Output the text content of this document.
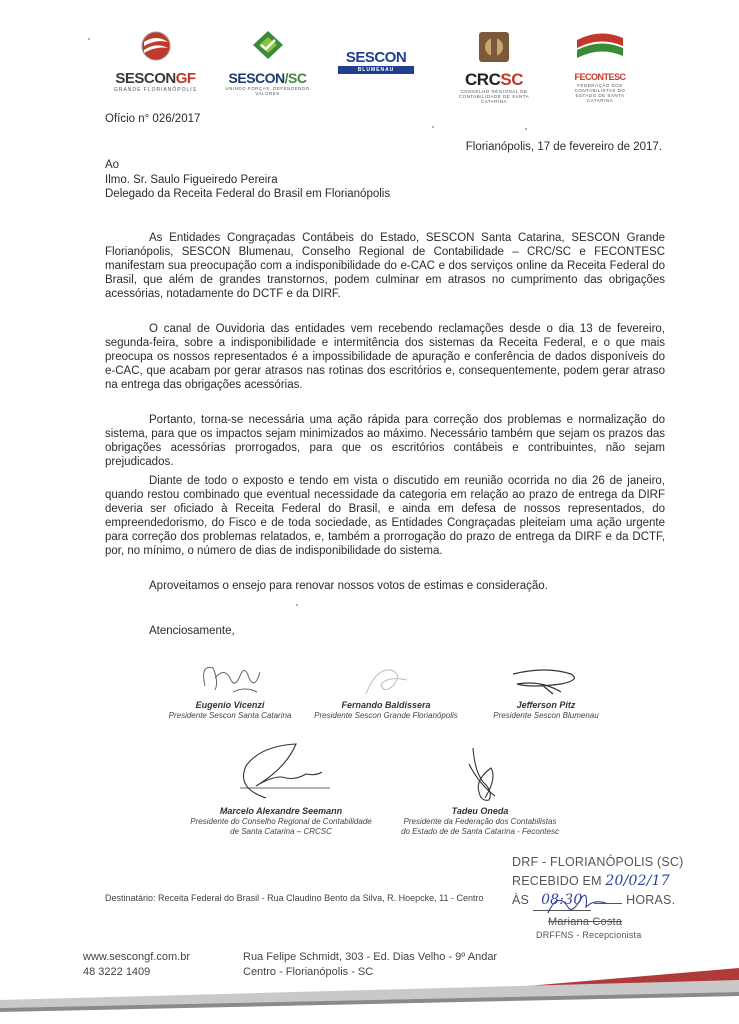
SESCONGF
GRANDE FLORIANÓPOLIS
SESCON/SC
UNINDO FORÇAS, DEFENDENDO VALORES
SESCON
BLUMENAU	CRCSC
CONSELHO REGIONAL DE CONTABILIDADE DE SANTA CATARINA
FECONTESC
FEDERAÇÃO DOS CONTABILISTAS DO ESTADO DE SANTA CATARINA
Ofício n° 026/2017
Florianópolis, 17 de fevereiro de 2017.
Ao
Ilmo. Sr. Saulo Figueiredo Pereira
Delegado da Receita Federal do Brasil em Florianópolis
As Entidades Congraçadas Contábeis do Estado, SESCON Santa Catarina, SESCON Grande Florianópolis, SESCON Blumenau, Conselho Regional de Contabilidade – CRC/SC e FECONTESC manifestam sua preocupação com a indisponibilidade do e-CAC e dos serviços online da Receita Federal do Brasil, que além de grandes transtornos, podem culminar em atrasos no cumprimento das obrigações acessórias, notadamente do DCTF e da DIRF.
O canal de Ouvidoria das entidades vem recebendo reclamações desde o dia 13 de fevereiro, segunda-feira, sobre a indisponibilidade e intermitência dos sistemas da Receita Federal, e o que mais preocupa os nossos representados é a impossibilidade de apuração e conferência de dados disponíveis do e-CAC, que acabam por gerar atrasos nas rotinas dos escritórios e, consequentemente, podem gerar atraso na entrega das obrigações acessórias.
Portanto, torna-se necessária uma ação rápida para correção dos problemas e normalização do sistema, para que os impactos sejam minimizados ao máximo. Necessário também que sejam os prazos das obrigações acessórias prorrogados, para que os escritórios contábeis e contribuintes, não sejam prejudicados.
Diante de todo o exposto e tendo em vista o discutido em reunião ocorrida no dia 26 de janeiro, quando restou combinado que eventual necessidade da categoria em relação ao prazo de entrega da DIRF deveria ser oficiado à Receita Federal do Brasil, e ainda em defesa de nossos representados, do empreendedorismo, do Fisco e de toda sociedade, as Entidades Congraçadas pleiteiam uma ação urgente para correção dos problemas relatados, e, também a prorrogação do prazo de entrega da DIRF e da DCTF, por, no mínimo, o número de dias de indisponibilidade do sistema.
Aproveitamos o ensejo para renovar nossos votos de estimas e consideração.
Atenciosamente,
Eugenio Vicenzi
Presidente Sescon Santa Catarina
Fernando Baldissera
Presidente Sescon Grande Florianópolis
Jefferson Pitz
Presidente Sescon Blumenau
Marcelo Alexandre Seemann
Presidente do Conselho Regional de Contabilidade
de Santa Catarina – CRCSC
Tadeu Oneda
Presidente da Federação dos Contabilistas
do Estado de de Santa Catarina - Fecontesc
DRF - FLORIANÓPOLIS (SC)
RECEBIDO EM 20/02/17
ÀS 08:30	HORAS.
Mariana Costa
DRFFNS - Recepcionista
Destinatário: Receita Federal do Brasil - Rua Claudino Bento da Silva, R. Hoepcke, 11 - Centro
www.sescongf.com.br
48 3222 1409
Rua Felipe Schmidt, 303 - Ed. Dias Velho - 9º Andar
Centro - Florianópolis - SC
